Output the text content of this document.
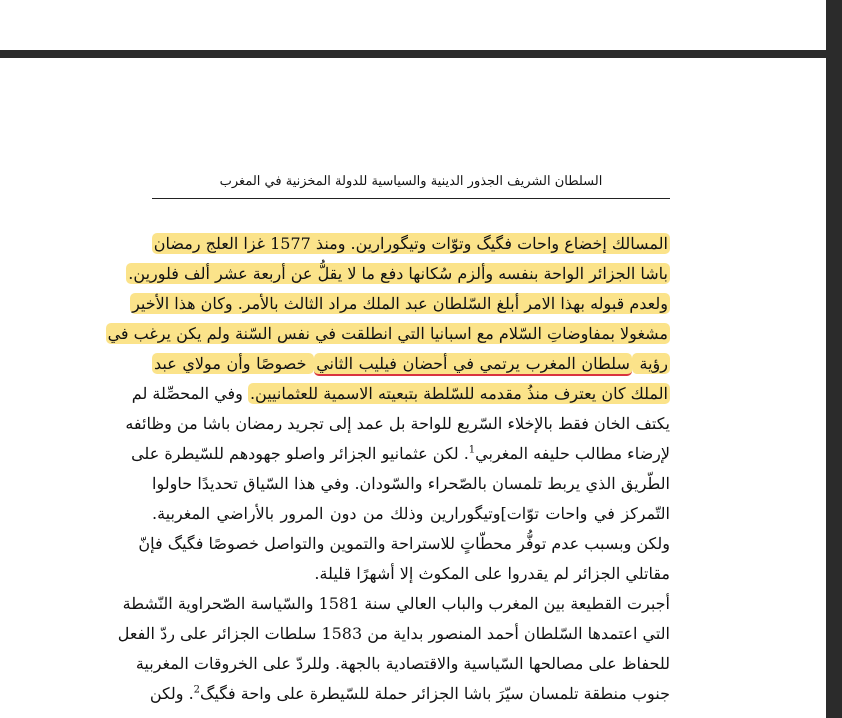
السلطان الشريف الجذور الدينية والسياسية للدولة المخزنية في المغرب
المسالك إخضاع واحات فگيگ وتوّات وتيگورارين. ومنذ 1577 غزا العلج رمضان
باشا الجزائر الواحة بنفسه وألزم سُكانها دفع ما لا يقلُّ عن أربعة عشر ألف فلورين.
ولعدم قبوله بهذا الامر أبلغ السّلطان عبد الملك مراد الثالث بالأمر. وكان هذا الأخير
مشغولا بمفاوضاتِ السّلام مع اسبانيا التي انطلقت في نفس السّنة ولم يكن يرغب في
رؤية سلطان المغرب يرتمي في أحضان فيليب الثاني خصوصًا وأن مولاي عبد
الملك كان يعترف منذُ مقدمه للسّلطة بتبعيته الاسمية للعثمانيين. وفي المحصِّلة لم
يكتف الخان فقط بالإخلاء السّريع للواحة بل عمد إلى تجريد رمضان باشا من وظائفه
لإرضاء مطالب حليفه المغربي$^1$. لكن عثمانيو الجزائر واصلو جهودهم للسّيطرة على
الطّريق الذي يربط تلمسان بالصّحراء والسّودان. وفي هذا السّياق تحديدًا حاولوا
التّمركز في واحات توّات]وتيگورارين وذلك من دون المرور بالأراضي المغربية.
ولكن وبسبب عدم توفُّر محطّاتٍ للاستراحة والتموين والتواصل خصوصًا فگيگ فإنّ
مقاتلي الجزائر لم يقدروا على المكوث إلا أشهرًا قليلة.
أجبرت القطيعة بين المغرب والباب العالي سنة 1581 والسّياسة الصّحراوية النّشطة
التي اعتمدها السّلطان أحمد المنصور بداية من 1583 سلطات الجزائر على ردّ الفعل
للحفاظ على مصالحها السّياسية والاقتصادية بالجهة. وللردّ على الخروقات المغربية
جنوب منطقة تلمسان سيّرَ باشا الجزائر حملة للسّيطرة على واحة فگيگ$^2$. ولكن
